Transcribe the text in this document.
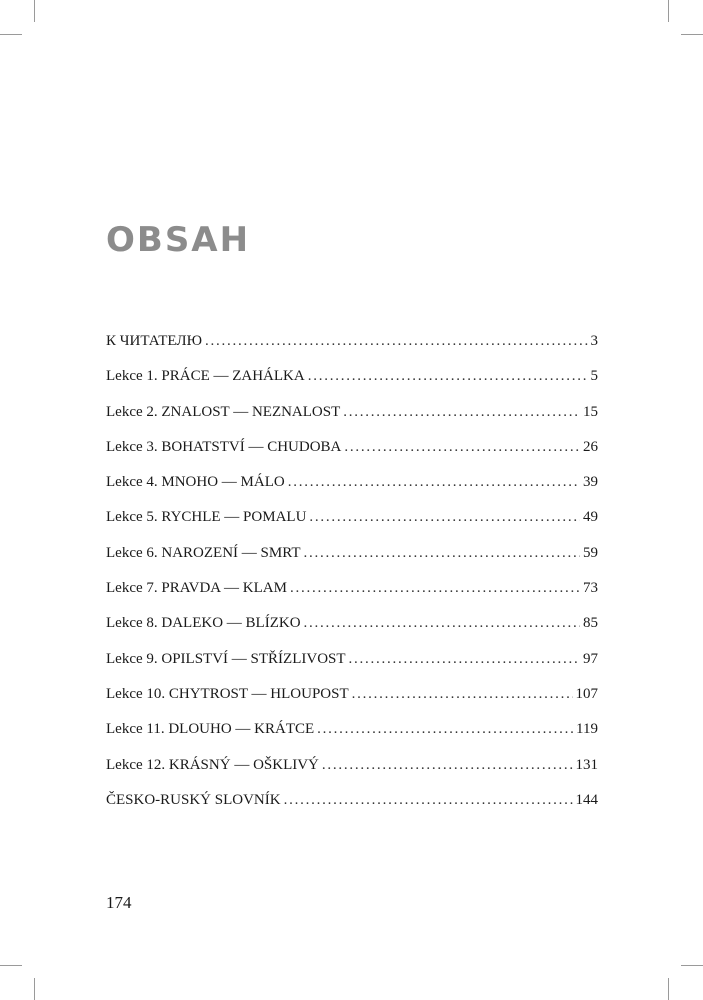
OBSAH
К ЧИТАТЕЛЮ . . .	3
Lekce 1. PRÁCE — ZAHÁLKA . . .	5
Lekce 2. ZNALOST — NEZNALOST . . .	15
Lekce 3. BOHATSTVÍ — CHUDOBA . . .	26
Lekce 4. MNOHO — MÁLO . . .	39
Lekce 5. RYCHLE — POMALU . . .	49
Lekce 6. NAROZENÍ — SMRT . . .	59
Lekce 7. PRAVDA — KLAM . . .	73
Lekce 8. DALEKO — BLÍZKO . . .	85
Lekce 9. OPILSTVÍ — STŘÍZLIVOST . . .	97
Lekce 10. CHYTROST — HLOUPOST . . .	107
Lekce 11. DLOUHO — KRÁTCE . . .	119
Lekce 12. KRÁSNÝ — OŠKLIVÝ . . .	131
ČESKO-RUSKÝ SLOVNÍK . . .	144

174
